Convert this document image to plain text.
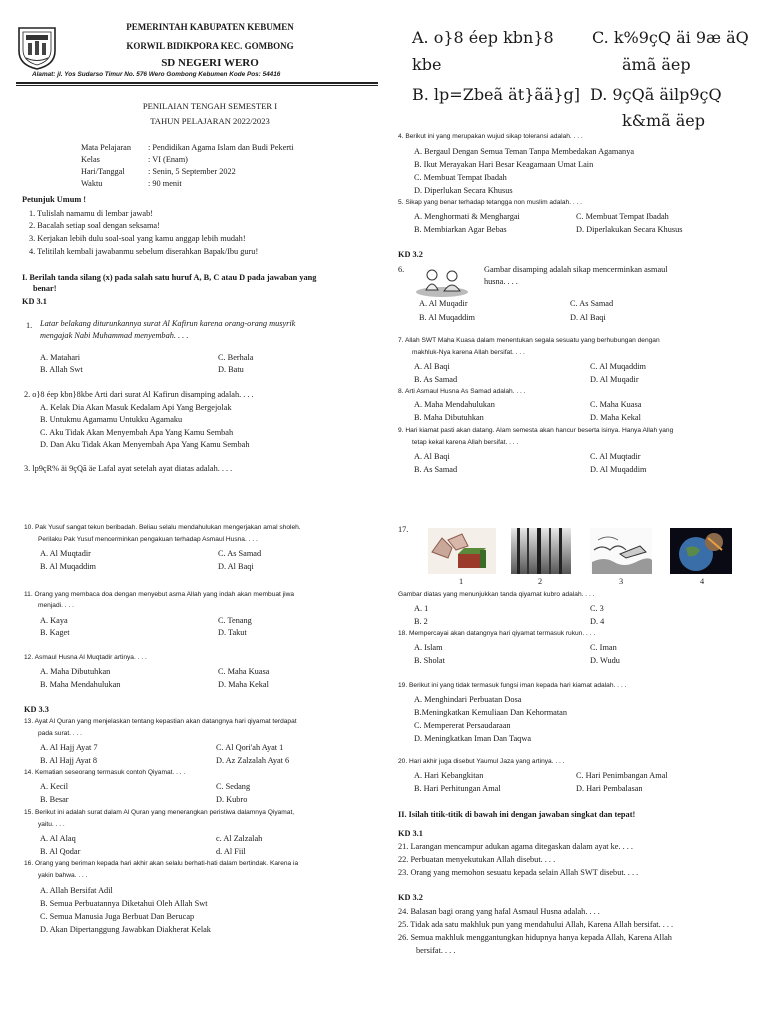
PEMERINTAH KABUPATEN KEBUMEN
KORWIL BIDIKPORA KEC. GOMBONG
SD NEGERI WERO
Alamat: jl. Yos Sudarso Timur No. 576 Wero Gombong Kebumen Kode Pos: 54416
PENILAIAN TENGAH SEMESTER I
TAHUN PELAJARAN 2022/2023
Mata Pelajaran : Pendidikan Agama Islam dan Budi Pekerti
Kelas	: VI (Enam)
Hari/Tanggal	: Senin, 5 September 2022
Waktu	: 90 menit
Petunjuk Umum !
1. Tulislah namamu di lembar jawab!
2. Bacalah setiap soal dengan seksama!
3. Kerjakan lebih dulu soal-soal yang kamu anggap lebih mudah!
4. Telitilah kembali jawabanmu sebelum diserahkan Bapak/Ibu guru!
I. Berilah tanda silang (x) pada salah satu huruf A, B, C atau D pada jawaban yang
benar!
KD 3.1
1. Latar belakang diturunkannya surat Al Kafirun karena orang-orang musyrik
mengajak Nabi Muhammad menyembah. . . .
A. Matahari	C. Berhala
B. Allah Swt	D. Batu
2. o}8 éep kbn}8kbe Arti dari surat Al Kafirun disamping adalah. . . .
A. Kelak Dia Akan Masuk Kedalam Api Yang Bergejolak
B. Untukmu Agamamu Untukku Agamaku
C. Aku Tidak Akan Menyembah Apa Yang Kamu Sembah
D. Dan Aku Tidak Akan Menyembah Apa Yang Kamu Sembah
3. lp9çR% äi 9çQã äe Lafal ayat setelah ayat diatas adalah. . . .
10. Pak Yusuf sangat tekun beribadah. Beliau selalu mendahulukan mengerjakan amal sholeh.
Perilaku Pak Yusuf mencerminkan pengakuan terhadap Asmaul Husna. . . .
A. Al Muqtadir	C. As Samad
B. Al Muqaddim	D. Al Baqi
11. Orang yang membaca doa dengan menyebut asma Allah yang indah akan membuat jiwa
menjadi. . . .
A. Kaya	C. Tenang
B. Kaget	D. Takut
12. Asmaul Husna Al Muqtadir artinya. . . .
A. Maha Dibutuhkan	C. Maha Kuasa
B. Maha Mendahulukan	D. Maha Kekal
KD 3.3
13. Ayat Al Quran yang menjelaskan tentang kepastian akan datangnya hari qiyamat terdapat
pada surat. . . .
A. Al Hajj Ayat 7	C. Al Qori'ah Ayat 1
B. Al Hajj Ayat 8	D. Az Zalzalah Ayat 6
14. Kematian seseorang termasuk contoh Qiyamat. . . .
A. Kecil	C. Sedang
B. Besar	D. Kubro
15. Berikut ini adalah surat dalam Al Quran yang menerangkan peristiwa dalamnya Qiyamat,
yaitu. . . .
A. Al Alaq	c. Al Zalzalah
B. Al Qodar	d. Al Fiil
16. Orang yang beriman kepada hari akhir akan selalu berhati-hati dalam bertindak. Karena ia
yakin bahwa. . . .
A. Allah Bersifat Adil
B. Semua Perbuatannya Diketahui Oleh Allah Swt
C. Semua Manusia Juga Berbuat Dan Berucap
D. Akan Dipertanggung Jawabkan Diakherat Kelak
A. o}8 éep kbn}8 C. k%9çQ äi 9æ äQ
kbe	ämã äep
B. lp=Zbeã ät}ãä}g] D. 9çQã äilp9çQ
k&mã äep
4. Berikut ini yang merupakan wujud sikap toleransi adalah. . . .
A. Bergaul Dengan Semua Teman Tanpa Membedakan Agamanya
B. Ikut Merayakan Hari Besar Keagamaan Umat Lain
C. Membuat Tempat Ibadah
D. Diperlukan Secara Khusus
5. Sikap yang benar terhadap tetangga non muslim adalah. . . .
A. Menghormati & Menghargai	C. Membuat Tempat Ibadah
B. Membiarkan Agar Bebas	D. Diperlakukan Secara Khusus
KD 3.2
6.	Gambar disamping adalah sikap mencerminkan asmaul
husna. . . .
A. Al Muqadir	C. As Samad
B. Al Muqaddim	D. Al Baqi
7. Allah SWT Maha Kuasa dalam menentukan segala sesuatu yang berhubungan dengan
makhluk-Nya karena Allah bersifat. . . .
A. Al Baqi	C. Al Muqaddim
B. As Samad	D. Al Muqadir
8. Arti Asmaul Husna As Samad adalah. . . .
A. Maha Mendahulukan	C. Maha Kuasa
B. Maha Dibutuhkan	D. Maha Kekal
9. Hari kiamat pasti akan datang. Alam semesta akan hancur beserta isinya. Hanya Allah yang
tetap kekal karena Allah bersifat. . . .
A. Al Baqi	C. Al Muqtadir
B. As Samad	D. Al Muqaddim
17.
1	2	3	4
Gambar diatas yang menunjukkan tanda qiyamat kubro adalah. . . .
A. 1	C. 3
B. 2	D. 4
18. Mempercayai akan datangnya hari qiyamat termasuk rukun. . . .
A. Islam	C. Iman
B. Sholat	D. Wudu
19. Berikut ini yang tidak termasuk fungsi iman kepada hari kiamat adalah. . . .
A. Menghindari Perbuatan Dosa
B.Meningkatkan Kemuliaan Dan Kehormatan
C. Mempererat Persaudaraan
D. Meningkatkan Iman Dan Taqwa
20. Hari akhir juga disebut Yaumul Jaza yang artinya. . . .
A. Hari Kebangkitan	C. Hari Penimbangan Amal
B. Hari Perhitungan Amal	D. Hari Pembalasan
II. Isilah titik-titik di bawah ini dengan jawaban singkat dan tepat!
KD 3.1
21. Larangan mencampur adukan agama ditegaskan dalam ayat ke. . . .
22. Perbuatan menyekutukan Allah disebut. . . .
23. Orang yang memohon sesuatu kepada selain Allah SWT disebut. . . .
KD 3.2
24. Balasan bagi orang yang hafal Asmaul Husna adalah. . . .
25. Tidak ada satu makhluk pun yang mendahului Allah, Karena Allah bersifat. . . .
26. Semua makhluk menggantungkan hidupnya hanya kepada Allah, Karena Allah
bersifat. . . .
